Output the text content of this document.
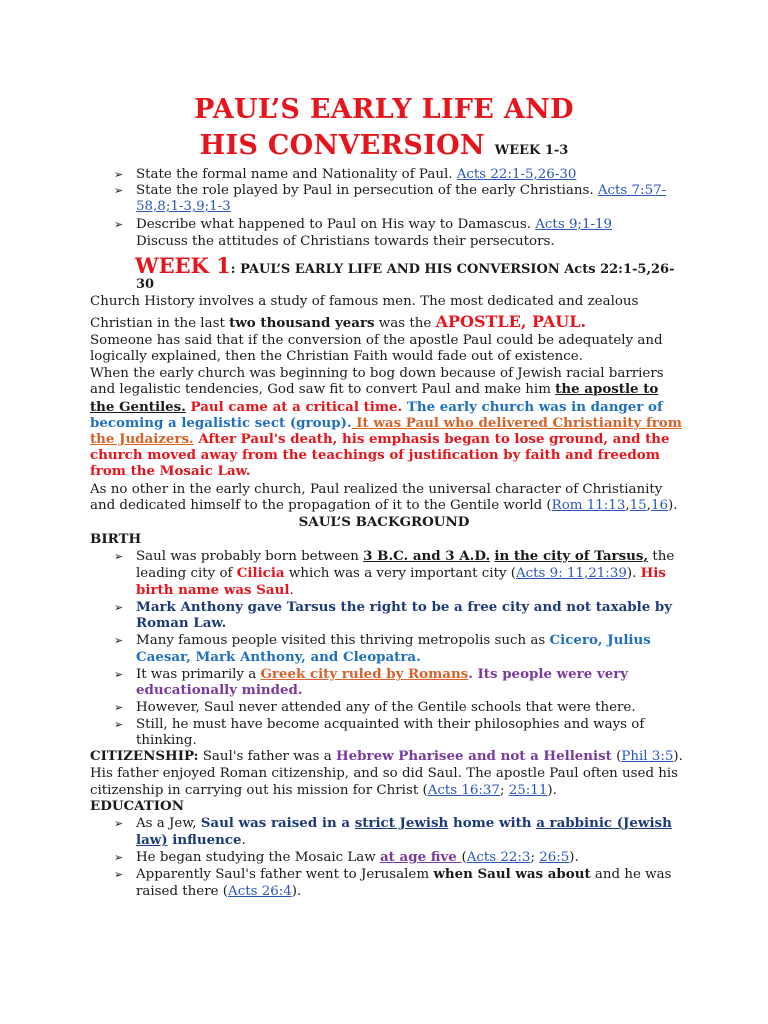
PAUL’S EARLY LIFE AND
HIS CONVERSION WEEK 1-3
➢ State the formal name and Nationality of Paul. Acts 22:1-5,26-30
➢ State the role played by Paul in persecution of the early Christians. Acts 7:57-
58,8;1-3,9;1-3
➢ Describe what happened to Paul on His way to Damascus. Acts 9;1-19
Discuss the attitudes of Christians towards their persecutors.
WEEK 1: PAUL’S EARLY LIFE AND HIS CONVERSION Acts 22:1-5,26-
30
Church History involves a study of famous men. The most dedicated and zealous
Christian in the last two thousand years was the APOSTLE, PAUL.
Someone has said that if the conversion of the apostle Paul could be adequately and
logically explained, then the Christian Faith would fade out of existence.
When the early church was beginning to bog down because of Jewish racial barriers
and legalistic tendencies, God saw fit to convert Paul and make him the apostle to
the Gentiles. Paul came at a critical time. The early church was in danger of
becoming a legalistic sect (group). It was Paul who delivered Christianity from
the Judaizers. After Paul's death, his emphasis began to lose ground, and the
church moved away from the teachings of justification by faith and freedom
from the Mosaic Law.
As no other in the early church, Paul realized the universal character of Christianity
and dedicated himself to the propagation of it to the Gentile world (Rom 11:13,15,16).
SAUL’S BACKGROUND
BIRTH
➢ Saul was probably born between 3 B.C. and 3 A.D. in the city of Tarsus, the
leading city of Cilicia which was a very important city (Acts 9: 11,21:39). His
birth name was Saul.
➢ Mark Anthony gave Tarsus the right to be a free city and not taxable by
Roman Law.
➢ Many famous people visited this thriving metropolis such as Cicero, Julius
Caesar, Mark Anthony, and Cleopatra.
➢ It was primarily a Greek city ruled by Romans. Its people were very
educationally minded.
➢ However, Saul never attended any of the Gentile schools that were there.
➢ Still, he must have become acquainted with their philosophies and ways of
thinking.
CITIZENSHIP: Saul's father was a Hebrew Pharisee and not a Hellenist (Phil 3:5).
His father enjoyed Roman citizenship, and so did Saul. The apostle Paul often used his
citizenship in carrying out his mission for Christ (Acts 16:37; 25:11).
EDUCATION
➢ As a Jew, Saul was raised in a strict Jewish home with a rabbinic (Jewish
law) influence.
➢ He began studying the Mosaic Law at age five (Acts 22:3; 26:5).
➢ Apparently Saul's father went to Jerusalem when Saul was about and he was
raised there (Acts 26:4).
